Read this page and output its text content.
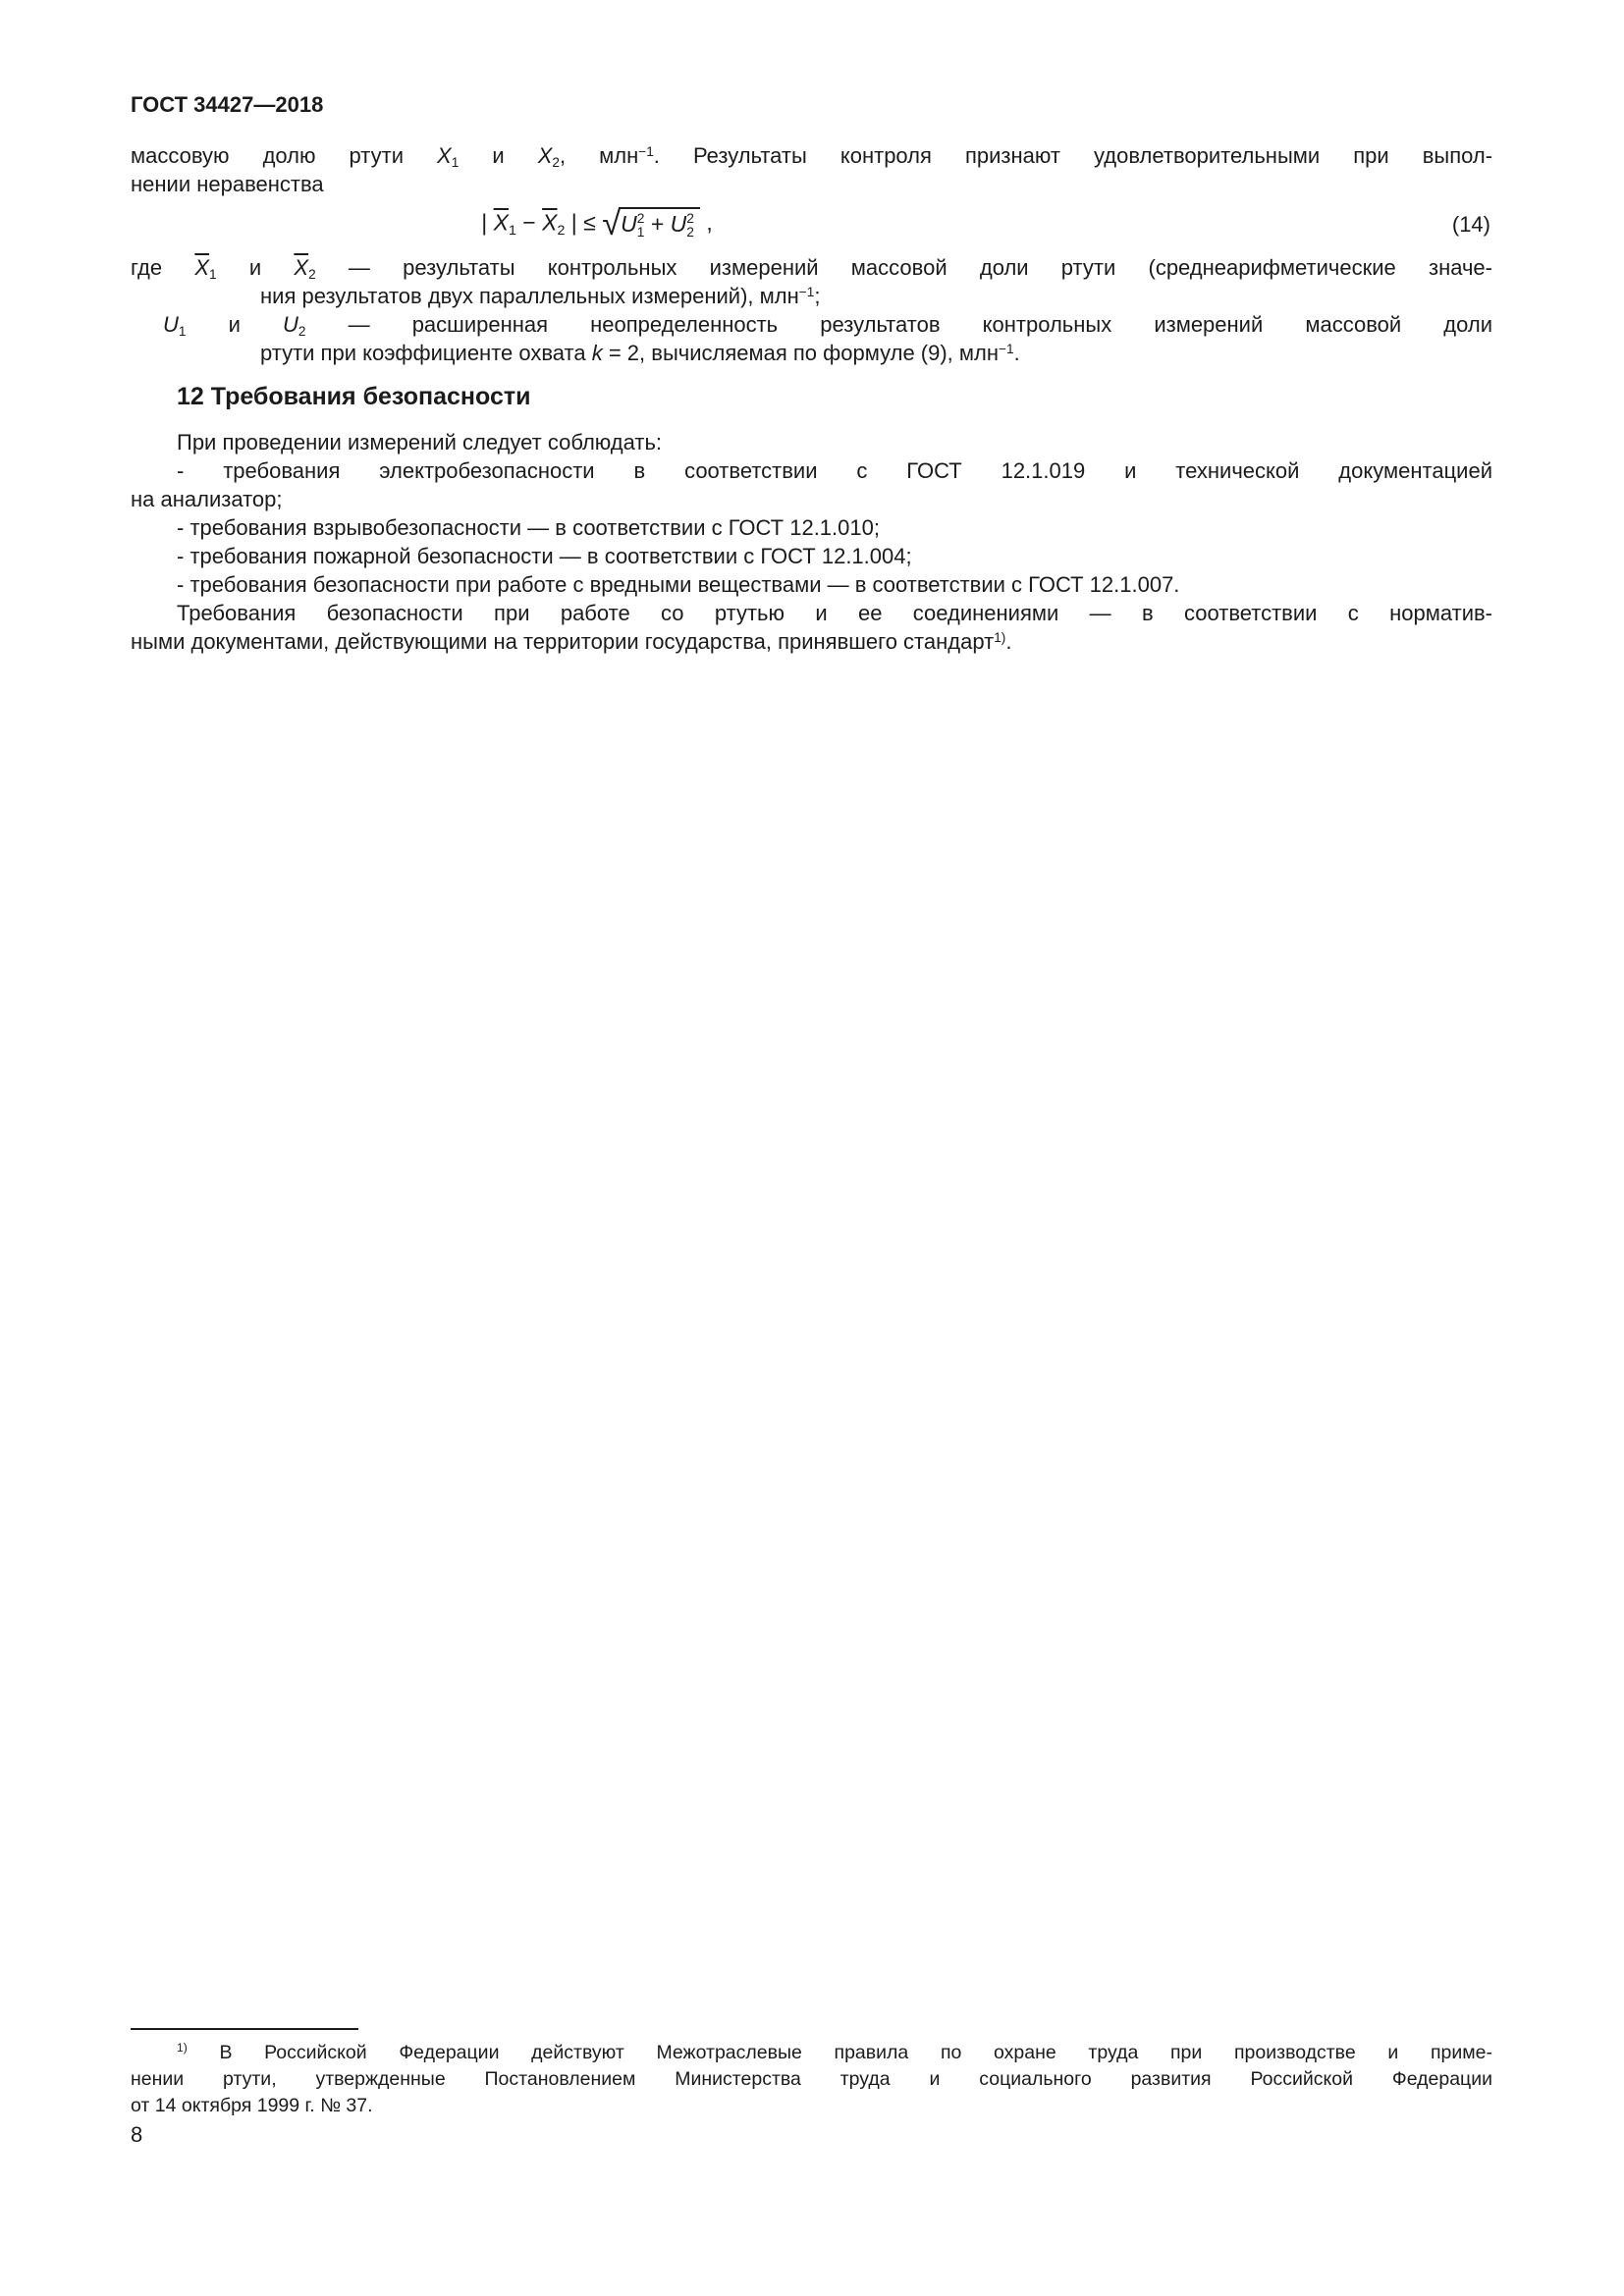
ГОСТ 34427—2018
массовую долю ртути X1 и X2, млн$^{-1}$. Результаты контроля признают удовлетворительными при выпол-
нении неравенства
| $\overline{X}1 - \overline{X}2$ | ≤ √ U 2
1 + U 2
2 ,	(14)
где $\overline{X}1$ и $\overline{X}2$ — результаты контрольных измерений массовой доли ртути (среднеарифметические значе-
ния результатов двух параллельных измерений), млн$^{-1}$;
U1 и U2 — расширенная неопределенность результатов контрольных измерений массовой доли
ртути при коэффициенте охвата k = 2, вычисляемая по формуле (9), млн$^{-1}$.
12 Требования безопасности
При проведении измерений следует соблюдать:
- требования электробезопасности в соответствии с ГОСТ 12.1.019 и технической документацией
на анализатор;
- требования взрывобезопасности — в соответствии с ГОСТ 12.1.010;
- требования пожарной безопасности — в соответствии с ГОСТ 12.1.004;
- требования безопасности при работе с вредными веществами — в соответствии с ГОСТ 12.1.007.
Требования безопасности при работе со ртутью и ее соединениями — в соответствии с норматив-
ными документами, действующими на территории государства, принявшего стандарт$^{1)}$.
$^{1)}$ В Российской Федерации действуют Межотраслевые правила по охране труда при производстве и приме-
нении ртути, утвержденные Постановлением Министерства труда и социального развития Российской Федерации
от 14 октября 1999 г. № 37.
8
